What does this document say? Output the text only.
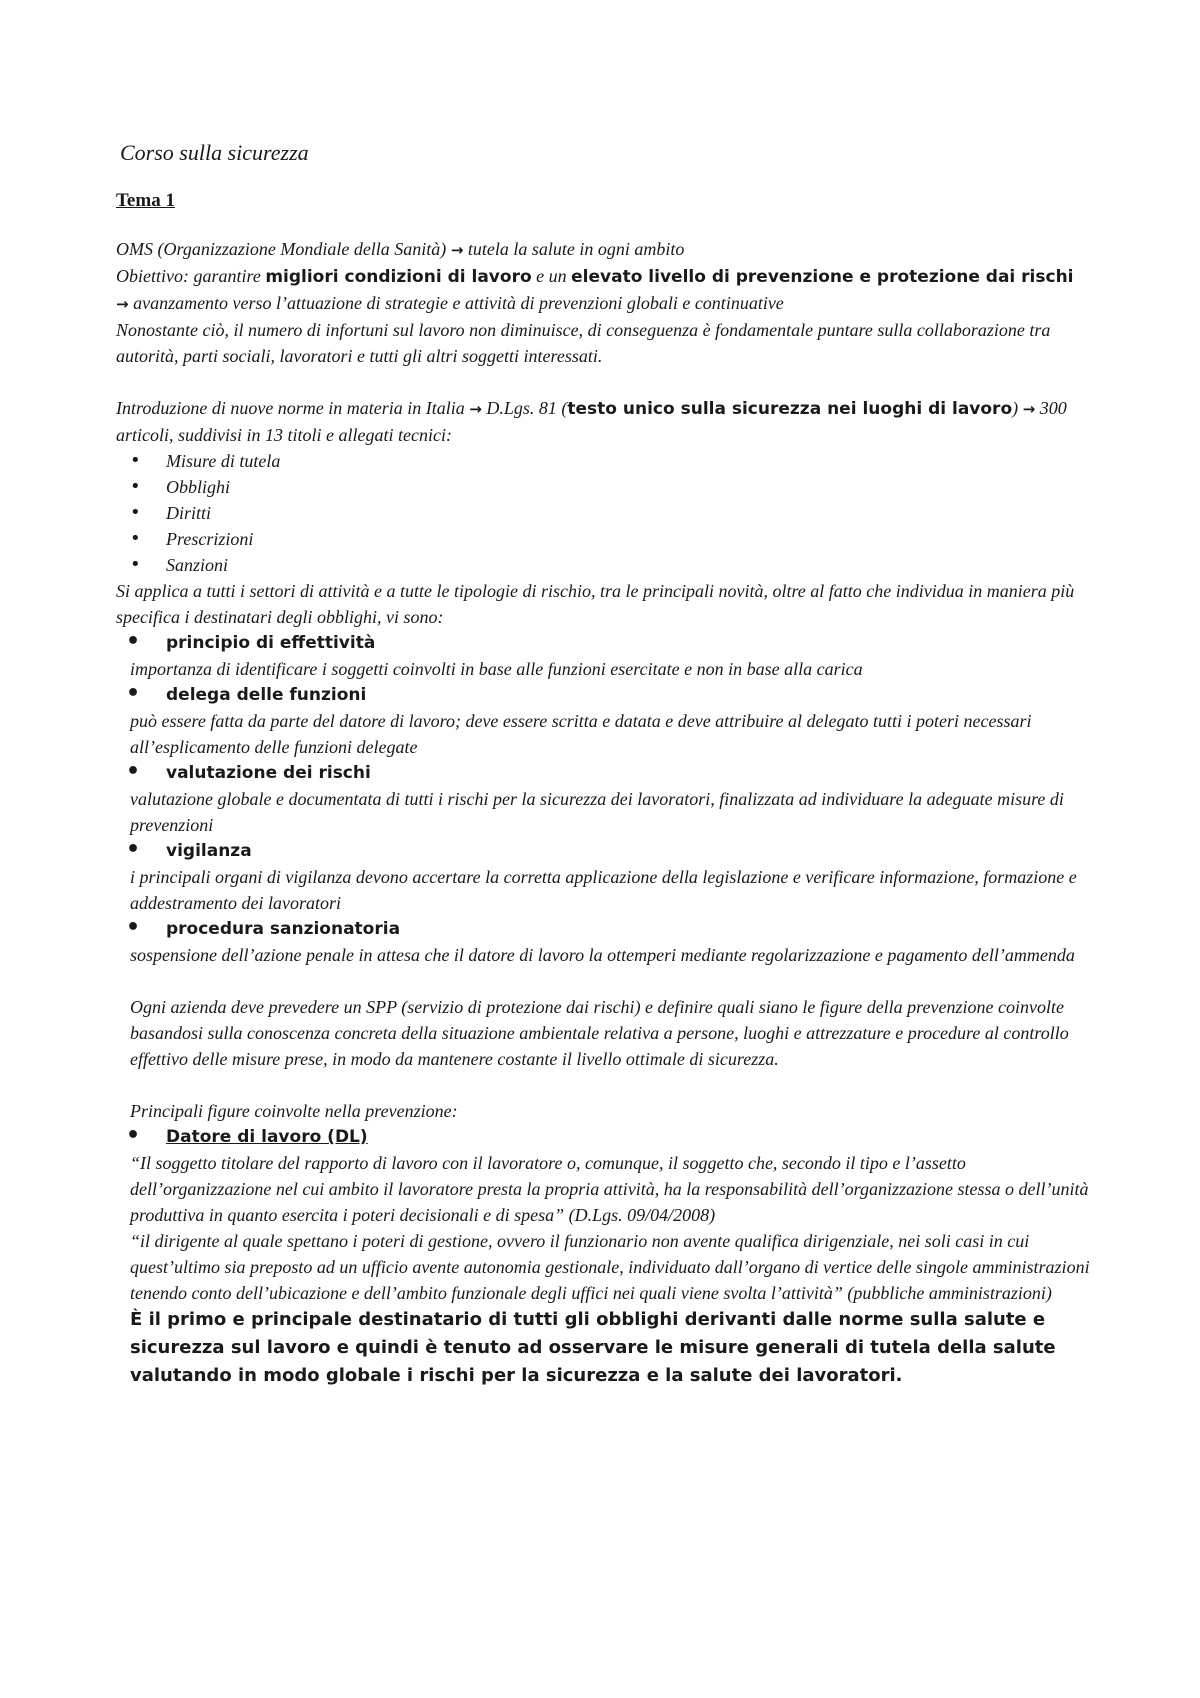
Corso sulla sicurezza
Tema 1
OMS (Organizzazione Mondiale della Sanità) → tutela la salute in ogni ambito
Obiettivo: garantire migliori condizioni di lavoro e un elevato livello di prevenzione e protezione dai rischi
→ avanzamento verso l’attuazione di strategie e attività di prevenzioni globali e continuative
Nonostante ciò, il numero di infortuni sul lavoro non diminuisce, di conseguenza è fondamentale puntare sulla collaborazione tra autorità, parti sociali, lavoratori e tutti gli altri soggetti interessati.
Introduzione di nuove norme in materia in Italia → D.Lgs. 81 (testo unico sulla sicurezza nei luoghi di lavoro) → 300 articoli, suddivisi in 13 titoli e allegati tecnici:
• Misure di tutela
• Obblighi
• Diritti
• Prescrizioni
• Sanzioni
Si applica a tutti i settori di attività e a tutte le tipologie di rischio, tra le principali novità, oltre al fatto che individua in maniera più specifica i destinatari degli obblighi, vi sono:
• principio di effettività
importanza di identificare i soggetti coinvolti in base alle funzioni esercitate e non in base alla carica
• delega delle funzioni
può essere fatta da parte del datore di lavoro; deve essere scritta e datata e deve attribuire al delegato tutti i poteri necessari all’esplicamento delle funzioni delegate
• valutazione dei rischi
valutazione globale e documentata di tutti i rischi per la sicurezza dei lavoratori, finalizzata ad individuare la adeguate misure di prevenzioni
• vigilanza
i principali organi di vigilanza devono accertare la corretta applicazione della legislazione e verificare informazione, formazione e addestramento dei lavoratori
• procedura sanzionatoria
sospensione dell’azione penale in attesa che il datore di lavoro la ottemperi mediante regolarizzazione e pagamento dell’ammenda
Ogni azienda deve prevedere un SPP (servizio di protezione dai rischi) e definire quali siano le figure della prevenzione coinvolte basandosi sulla conoscenza concreta della situazione ambientale relativa a persone, luoghi e attrezzature e procedure al controllo effettivo delle misure prese, in modo da mantenere costante il livello ottimale di sicurezza.
Principali figure coinvolte nella prevenzione:
• Datore di lavoro (DL)
“Il soggetto titolare del rapporto di lavoro con il lavoratore o, comunque, il soggetto che, secondo il tipo e l’assetto dell’organizzazione nel cui ambito il lavoratore presta la propria attività, ha la responsabilità dell’organizzazione stessa o dell’unità produttiva in quanto esercita i poteri decisionali e di spesa” (D.Lgs. 09/04/2008)
“il dirigente al quale spettano i poteri di gestione, ovvero il funzionario non avente qualifica dirigenziale, nei soli casi in cui quest’ultimo sia preposto ad un ufficio avente autonomia gestionale, individuato dall’organo di vertice delle singole amministrazioni tenendo conto dell’ubicazione e dell’ambito funzionale degli uffici nei quali viene svolta l’attività” (pubbliche amministrazioni)
È il primo e principale destinatario di tutti gli obblighi derivanti dalle norme sulla salute e sicurezza sul lavoro e quindi è tenuto ad osservare le misure generali di tutela della salute valutando in modo globale i rischi per la sicurezza e la salute dei lavoratori.
